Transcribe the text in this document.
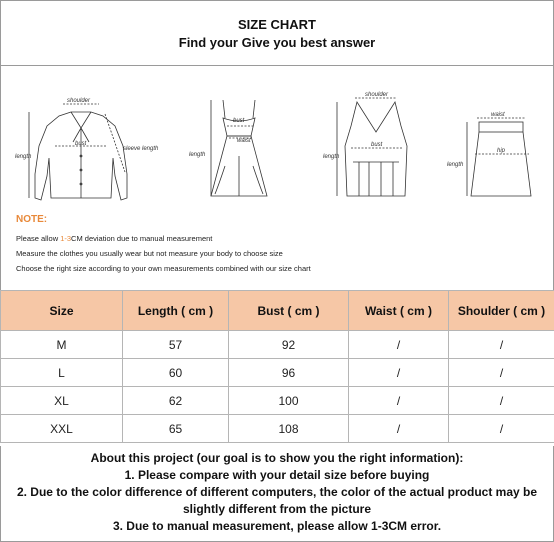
SIZE CHART
Find your Give you best answer
shoulder
bust
sleeve length
length
bust
waist
length
shoulder
bust
length
waist
hip
length
NOTE:
Please allow 1-3CM deviation due to manual measurement
Measure the clothes you usually wear but not measure your body to choose size
Choose the right size according to your own measurements combined with our size chart
Size	Length ( cm )	Bust ( cm )	Waist ( cm )	Shoulder ( cm )
M	57	92	/	/
L	60	96	/	/
XL	62	100	/	/
XXL	65	108	/	/
About this project (our goal is to show you the right information):
1. Please compare with your detail size before buying
2. Due to the color difference of different computers, the color of the actual product may be
slightly different from the picture
3. Due to manual measurement, please allow 1-3CM error.
